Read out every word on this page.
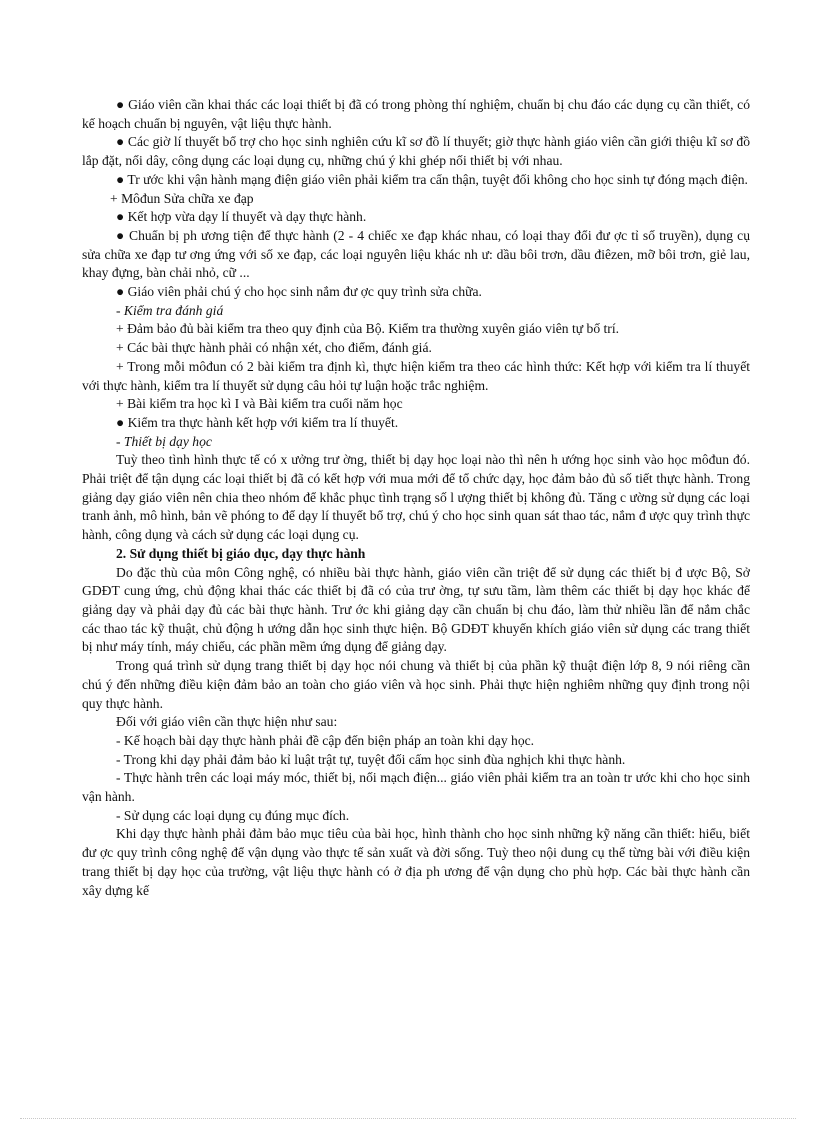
● Giáo viên cần khai thác các loại thiết bị đã có trong phòng thí nghiệm, chuẩn bị chu đáo các dụng cụ cần thiết, có kế hoạch chuẩn bị nguyên, vật liệu thực hành.

● Các giờ lí thuyết bổ trợ cho học sinh nghiên cứu kĩ sơ đồ lí thuyết; giờ thực hành giáo viên cần giới thiệu kĩ sơ đồ lắp đặt, nối dây, công dụng các loại dụng cụ, những chú ý khi ghép nối thiết bị với nhau.

● Tr ước khi vận hành mạng điện giáo viên phải kiểm tra cẩn thận, tuyệt đối không cho học sinh tự đóng mạch điện.

+ Môđun Sửa chữa xe đạp

● Kết hợp vừa dạy lí thuyết và dạy thực hành.

● Chuẩn bị ph ương tiện để thực hành (2 - 4 chiếc xe đạp khác nhau, có loại thay đổi đư ợc tỉ số truyền), dụng cụ sửa chữa xe đạp tư ơng ứng với số xe đạp, các loại nguyên liệu khác nh ư: dầu bôi trơn, dầu điêzen, mỡ bôi trơn, giẻ lau, khay đựng, bàn chải nhỏ, cữ ...

● Giáo viên phải chú ý cho học sinh nắm đư ợc quy trình sửa chữa.

- Kiểm tra đánh giá

+ Đảm bảo đủ bài kiểm tra theo quy định của Bộ. Kiểm tra thường xuyên giáo viên tự bố trí.

+ Các bài thực hành phải có nhận xét, cho điểm, đánh giá.

+ Trong mỗi môđun có 2 bài kiểm tra định kì, thực hiện kiểm tra theo các hình thức: Kết hợp với kiểm tra lí thuyết với thực hành, kiểm tra lí thuyết sử dụng câu hỏi tự luận hoặc trắc nghiệm.

+ Bài kiểm tra học kì I và Bài kiểm tra cuối năm học

● Kiểm tra thực hành kết hợp với kiểm tra lí thuyết.

- Thiết bị dạy học

Tuỳ theo tình hình thực tế có x ưởng trư ờng, thiết bị dạy học loại nào thì nên h ướng học sinh vào học môđun đó. Phải triệt để tận dụng các loại thiết bị đã có kết hợp với mua mới để tổ chức dạy, học đảm bảo đủ số tiết thực hành. Trong giảng dạy giáo viên nên chia theo nhóm để khắc phục tình trạng số l ượng thiết bị không đủ. Tăng c ường sử dụng các loại tranh ảnh, mô hình, bản vẽ phóng to để dạy lí thuyết bổ trợ, chú ý cho học sinh quan sát thao tác, nắm đ ược quy trình thực hành, công dụng và cách sử dụng các loại dụng cụ.

2. Sử dụng thiết bị giáo dục, dạy thực hành

Do đặc thù của môn Công nghệ, có nhiều bài thực hành, giáo viên cần triệt để sử dụng các thiết bị đ ược Bộ, Sở GDĐT cung ứng, chủ động khai thác các thiết bị đã có của trư ờng, tự sưu tầm, làm thêm các thiết bị dạy học khác để giảng dạy và phải dạy đủ các bài thực hành. Trư ớc khi giảng dạy cần chuẩn bị chu đáo, làm thử nhiều lần để nắm chắc các thao tác kỹ thuật, chủ động h ướng dẫn học sinh thực hiện. Bộ GDĐT khuyến khích giáo viên sử dụng các trang thiết bị như máy tính, máy chiếu, các phần mềm ứng dụng để giảng dạy.

Trong quá trình sử dụng trang thiết bị dạy học nói chung và thiết bị của phần kỹ thuật điện lớp 8, 9 nói riêng cần chú ý đến những điều kiện đảm bảo an toàn cho giáo viên và học sinh. Phải thực hiện nghiêm những quy định trong nội quy thực hành.

Đối với giáo viên cần thực hiện như sau:

- Kế hoạch bài dạy thực hành phải đề cập đến biện pháp an toàn khi dạy học.

- Trong khi dạy phải đảm bảo kỉ luật trật tự, tuyệt đối cấm học sinh đùa nghịch khi thực hành.

- Thực hành trên các loại máy móc, thiết bị, nối mạch điện... giáo viên phải kiểm tra an toàn tr ước khi cho học sinh vận hành.

- Sử dụng các loại dụng cụ đúng mục đích.

Khi dạy thực hành phải đảm bảo mục tiêu của bài học, hình thành cho học sinh những kỹ năng cần thiết: hiểu, biết đư ợc quy trình công nghệ để vận dụng vào thực tế sản xuất và đời sống. Tuỳ theo nội dung cụ thể từng bài với điều kiện trang thiết bị dạy học của trường, vật liệu thực hành có ở địa ph ương để vận dụng cho phù hợp. Các bài thực hành cần xây dựng kế
